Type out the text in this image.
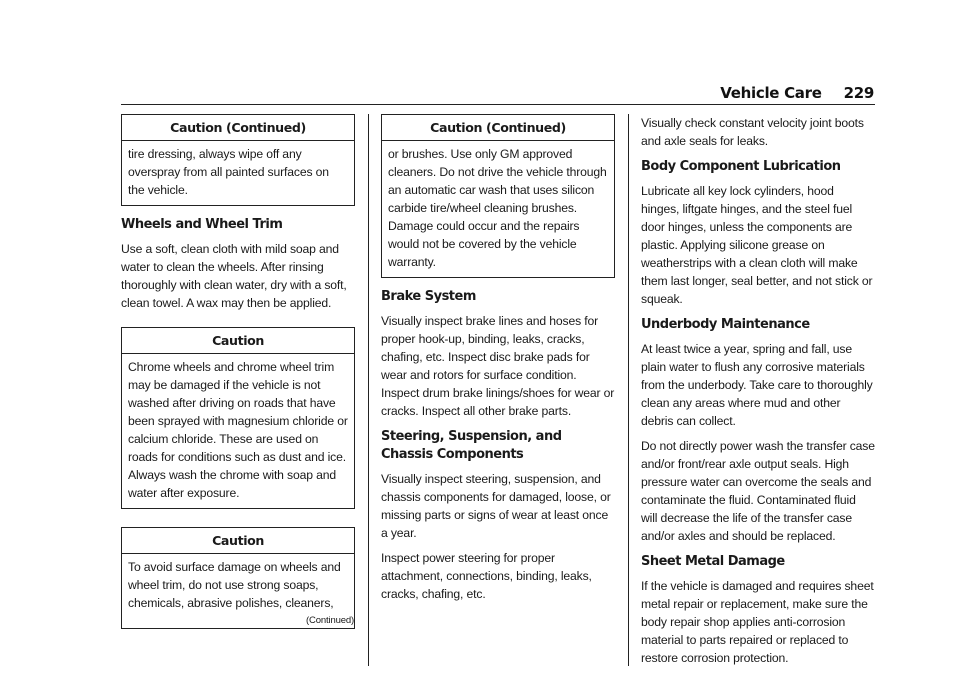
Vehicle Care 229
Caution (Continued)
tire dressing, always wipe off any overspray from all painted surfaces on the vehicle.
Wheels and Wheel Trim

Use a soft, clean cloth with mild soap and water to clean the wheels. After rinsing thoroughly with clean water, dry with a soft, clean towel. A wax may then be applied.

Caution
Chrome wheels and chrome wheel trim may be damaged if the vehicle is not washed after driving on roads that have been sprayed with magnesium chloride or calcium chloride. These are used on roads for conditions such as dust and ice. Always wash the chrome with soap and water after exposure.
Caution
To avoid surface damage on wheels and wheel trim, do not use strong soaps, chemicals, abrasive polishes, cleaners,
(Continued)
Caution (Continued)
or brushes. Use only GM approved cleaners. Do not drive the vehicle through an automatic car wash that uses silicon carbide tire/wheel cleaning brushes. Damage could occur and the repairs would not be covered by the vehicle warranty.
Brake System

Visually inspect brake lines and hoses for proper hook-up, binding, leaks, cracks, chafing, etc. Inspect disc brake pads for wear and rotors for surface condition. Inspect drum brake linings/shoes for wear or cracks. Inspect all other brake parts.

Steering, Suspension, and Chassis Components

Visually inspect steering, suspension, and chassis components for damaged, loose, or missing parts or signs of wear at least once a year.

Inspect power steering for proper attachment, connections, binding, leaks, cracks, chafing, etc.

Visually check constant velocity joint boots and axle seals for leaks.

Body Component Lubrication

Lubricate all key lock cylinders, hood hinges, liftgate hinges, and the steel fuel door hinges, unless the components are plastic. Applying silicone grease on weatherstrips with a clean cloth will make them last longer, seal better, and not stick or squeak.

Underbody Maintenance

At least twice a year, spring and fall, use plain water to flush any corrosive materials from the underbody. Take care to thoroughly clean any areas where mud and other debris can collect.

Do not directly power wash the transfer case and/or front/rear axle output seals. High pressure water can overcome the seals and contaminate the fluid. Contaminated fluid will decrease the life of the transfer case and/or axles and should be replaced.

Sheet Metal Damage

If the vehicle is damaged and requires sheet metal repair or replacement, make sure the body repair shop applies anti-corrosion material to parts repaired or replaced to restore corrosion protection.
